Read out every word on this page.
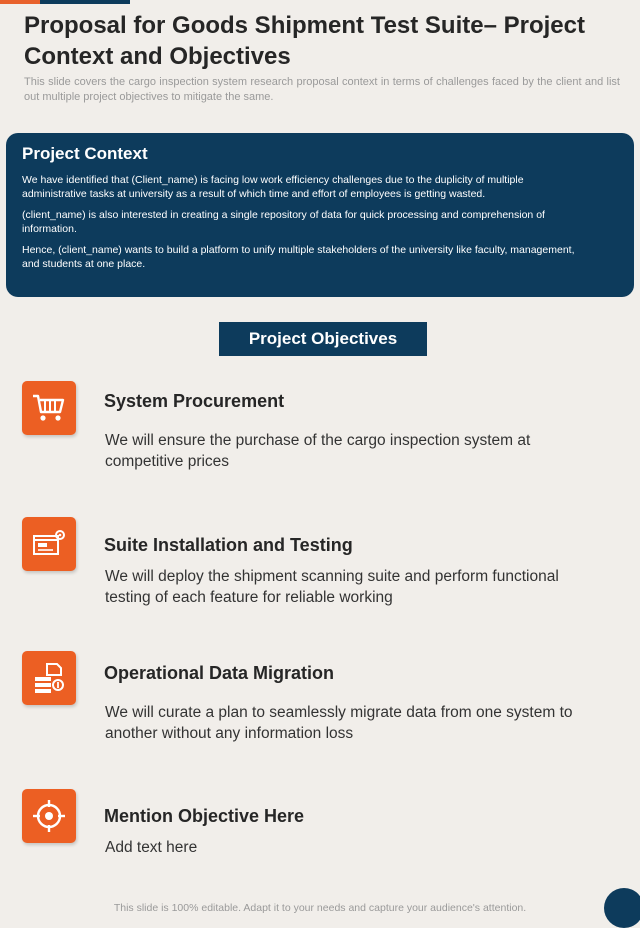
Proposal for Goods Shipment Test Suite– Project Context and Objectives

This slide covers the cargo inspection system research proposal context in terms of challenges faced by the client and list out multiple project objectives to mitigate the same.

Project Context

We have identified that (Client_name) is facing low work efficiency challenges due to the duplicity of multiple administrative tasks at university as a result of which time and effort of employees is getting wasted.

(client_name) is also interested in creating a single repository of data for quick processing and comprehension of information.

Hence, (client_name) wants to build a platform to unify multiple stakeholders of the university like faculty, management, and students at one place.

Project Objectives
System Procurement

We will ensure the purchase of the cargo inspection system at competitive prices

Suite Installation and Testing

We will deploy the shipment scanning suite and perform functional testing of each feature for reliable working

Operational Data Migration

We will curate a plan to seamlessly migrate data from one system to another without any information loss

Mention Objective Here

Add text here

This slide is 100% editable. Adapt it to your needs and capture your audience's attention.
